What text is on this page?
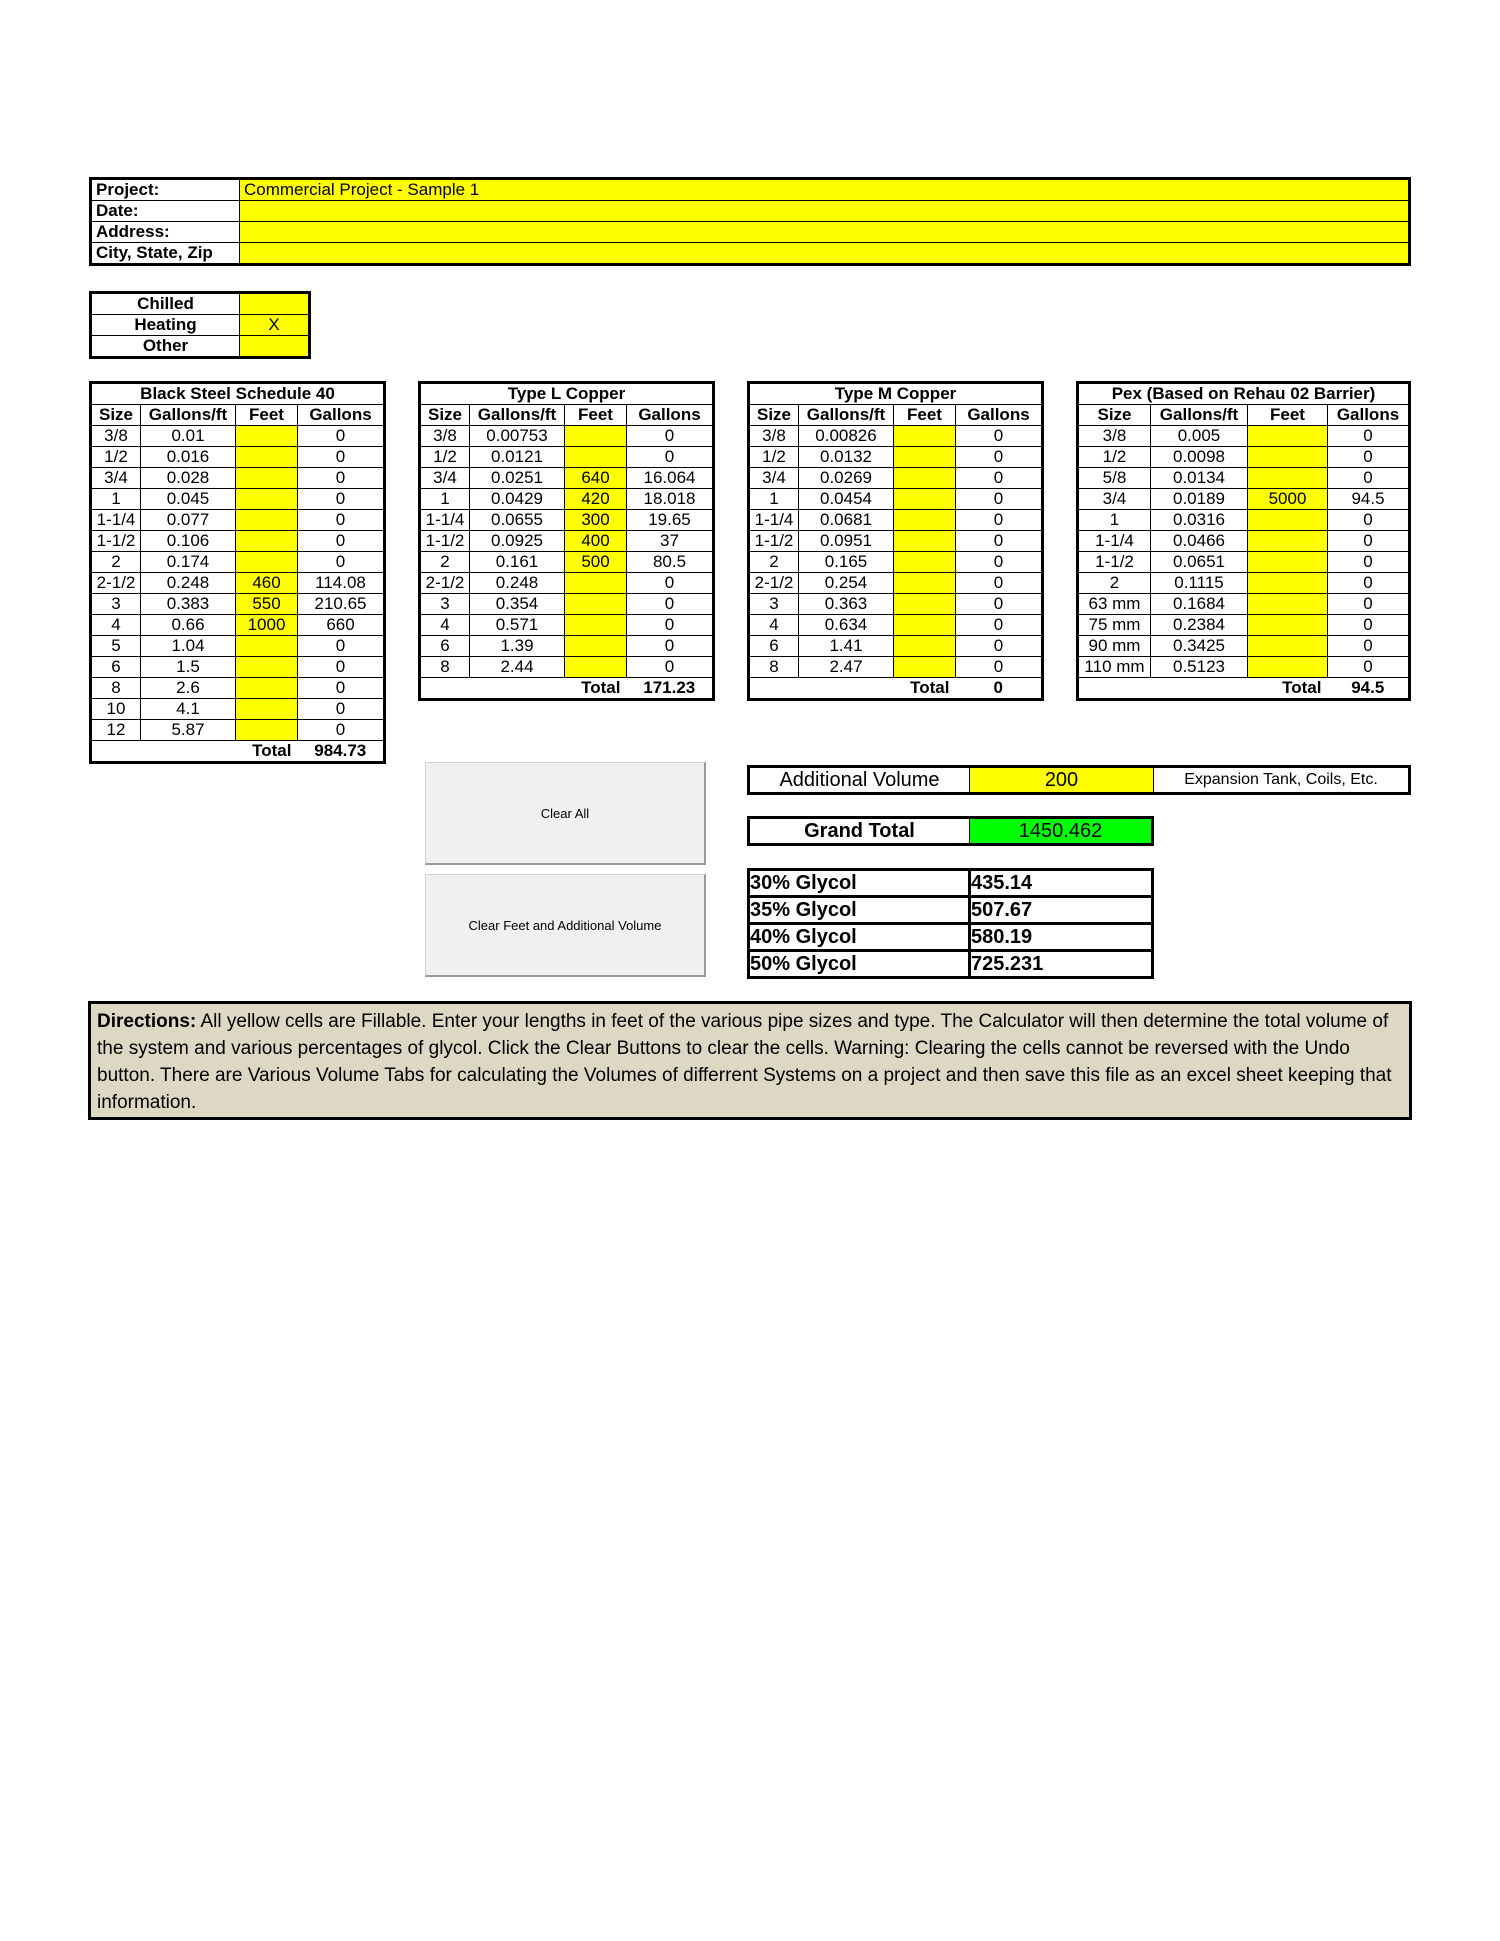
Project:	Commercial Project - Sample 1
Date:	
Address:	
City, State, Zip	
Chilled	
Heating	X
Other	
Black Steel Schedule 40			
Size	Gallons/ft	Feet	Gallons
3/8	0.01		0
1/2	0.016		0
3/4	0.028		0
1	0.045		0
1-1/4	0.077		0
1-1/2	0.106		0
2	0.174		0
2-1/2	0.248	460	114.08
3	0.383	550	210.65
4	0.66	1000	660
5	1.04		0
6	1.5		0
8	2.6		0
10	4.1		0
12	5.87		0
Total			984.73
Type L Copper			
Size	Gallons/ft	Feet	Gallons
3/8	0.00753		0
1/2	0.0121		0
3/4	0.0251	640	16.064
1	0.0429	420	18.018
1-1/4	0.0655	300	19.65
1-1/2	0.0925	400	37
2	0.161	500	80.5
2-1/2	0.248		0
3	0.354		0
4	0.571		0
6	1.39		0
8	2.44		0
Total			171.23
Type M Copper			
Size	Gallons/ft	Feet	Gallons
3/8	0.00826		0
1/2	0.0132		0
3/4	0.0269		0
1	0.0454		0
1-1/4	0.0681		0
1-1/2	0.0951		0
2	0.165		0
2-1/2	0.254		0
3	0.363		0
4	0.634		0
6	1.41		0
8	2.47		0
Total			0
Pex (Based on Rehau 02 Barrier)			
Size	Gallons/ft	Feet	Gallons
3/8	0.005		0
1/2	0.0098		0
5/8	0.0134		0
3/4	0.0189	5000	94.5
1	0.0316		0
1-1/4	0.0466		0
1-1/2	0.0651		0
2	0.1115		0
63 mm	0.1684		0
75 mm	0.2384		0
90 mm	0.3425		0
110 mm	0.5123		0
Total			94.5
Clear All
Clear Feet and Additional Volume
Additional Volume	200	Expansion Tank, Coils, Etc.
Grand Total	1450.462
30% Glycol	435.14
35% Glycol	507.67
40% Glycol	580.19
50% Glycol	725.231
Directions: All yellow cells are Fillable. Enter your lengths in feet of the various pipe sizes and type. The Calculator will then determine the total volume of the system and various percentages of glycol. Click the Clear Buttons to clear the cells. Warning: Clearing the cells cannot be reversed with the Undo button. There are Various Volume Tabs for calculating the Volumes of differrent Systems on a project and then save this file as an excel sheet keeping that information.
